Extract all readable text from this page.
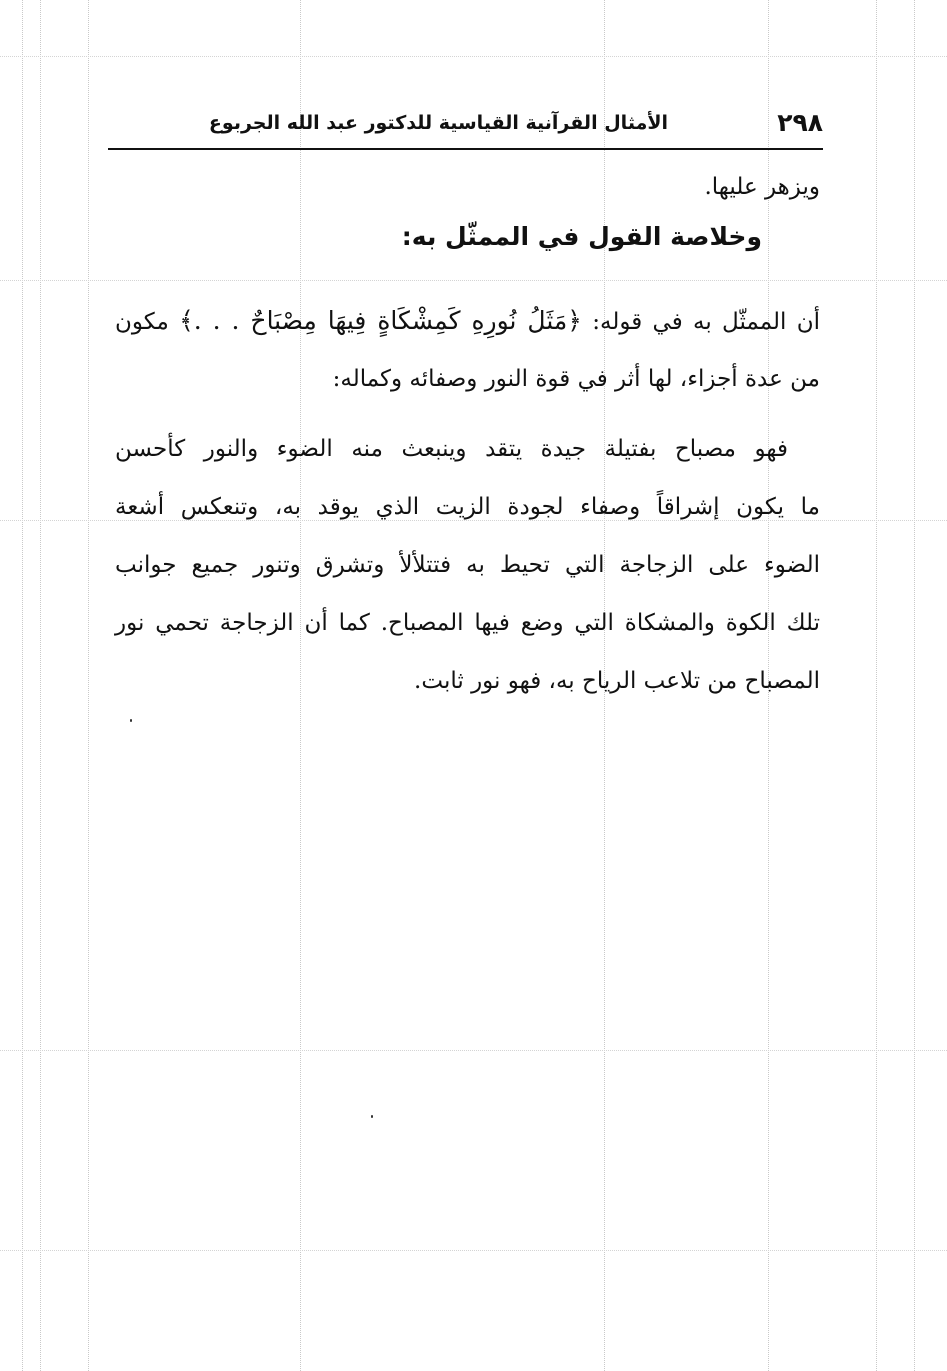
٢٩٨
الأمثال القرآنية القياسية للدكتور عبد الله الجربوع
ويزهر عليها.
وخلاصة القول في الممثّل به:
أن الممثّل به في قوله: ﴿مَثَلُ نُورِهِ كَمِشْكَاةٍ فِيهَا مِصْبَاحٌ . . .﴾ مكون
من عدة أجزاء، لها أثر في قوة النور وصفائه وكماله:
فهو مصباح بفتيلة جيدة يتقد وينبعث منه الضوء والنور كأحسن
ما يكون إشراقاً وصفاء لجودة الزيت الذي يوقد به، وتنعكس أشعة
الضوء على الزجاجة التي تحيط به فتتلألأ وتشرق وتنور جميع جوانب
تلك الكوة والمشكاة التي وضع فيها المصباح. كما أن الزجاجة تحمي نور
المصباح من تلاعب الرياح به، فهو نور ثابت.
